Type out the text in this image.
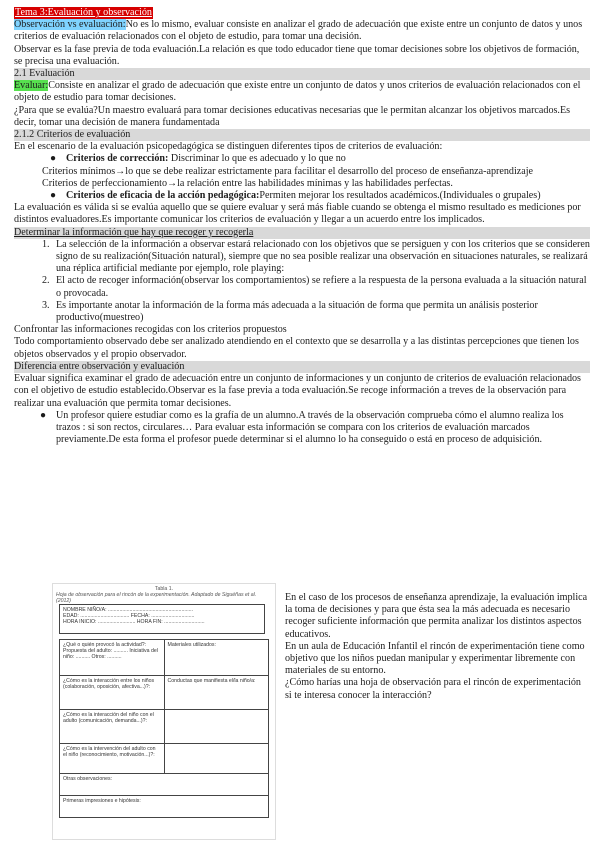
Tema 3:Evaluación y observación

Observación vs evaluación:No es lo mismo, evaluar consiste en analizar el grado de adecuación que existe entre un conjunto de datos y unos criterios de evaluación relacionados con el objeto de estudio, para tomar una decisión.

Observar es la fase previa de toda evaluación.La relación es que todo educador tiene que tomar decisiones sobre los objetivos de formación, se precisa una evaluación.

2.1 Evaluación

Evaluar:Consiste en analizar el grado de adecuación que existe entre un conjunto de datos y unos criterios de evaluación relacionados con el objeto de estudio para tomar decisiones.

¿Para que se evalúa?Un maestro evaluará para tomar decisiones educativas necesarias que le permitan alcanzar los objetivos marcados.Es decir, tomar una decisión de manera fundamentada

2.1.2 Criterios de evaluación

En el escenario de la evaluación psicopedagógica se distinguen diferentes tipos de criterios de evaluación:

● Criterios de corrección: Discriminar lo que es adecuado y lo que no

Criterios mínimos→lo que se debe realizar estrictamente para facilitar el desarrollo del proceso de enseñanza-aprendizaje

Criterios de perfeccionamiento→la relación entre las habilidades mínimas y las habilidades perfectas.

● Criterios de eficacia de la acción pedagógica:Permiten mejorar los resultados académicos.(Individuales o grupales)

La evaluación es válida si se evalúa aquello que se quiere evaluar y será más fiable cuando se obtenga el mismo resultado es mediciones por distintos evaluadores.Es importante comunicar los criterios de evaluación y llegar a un acuerdo entre los implicados.

Determinar la información que hay que recoger y recogerla

1. La selección de la información a observar estará relacionado con los objetivos que se persiguen y con los criterios que se consideren signo de su realización(Situación natural), siempre que no sea posible realizar una observación en situaciones naturales, se realizará una réplica artificial mediante por ejemplo, role playing:

2. El acto de recoger información(observar los comportamientos) se refiere a la respuesta de la persona evaluada a la situación natural o provocada.

3. Es importante anotar la información de la forma más adecuada a la situación de forma que permita un análisis posterior productivo(muestreo)

Confrontar las informaciones recogidas con los criterios propuestos

Todo comportamiento observado debe ser analizado atendiendo en el contexto que se desarrolla y a las distintas percepciones que tienen los objetos observados y el propio observador.

Diferencia entre observación y evaluación

Evaluar significa examinar el grado de adecuación entre un conjunto de informaciones y un conjunto de criterios de evaluación relacionados con el objetivo de estudio establecido.Observar es la fase previa a toda evaluación.Se recoge información a treves de la observación para realizar una evaluación que permita tomar decisiones.

● Un profesor quiere estudiar como es la grafía de un alumno.A través de la observación comprueba cómo el alumno realiza los trazos : si son rectos, circulares… Para evaluar esta información se compara con los criterios de evaluación marcados previamente.De esta forma el profesor puede determinar si el alumno lo ha conseguido o está en proceso de adquisición.

Tabla 1.
Hoja de observación para el rincón de la experimentación. Adaptado de Siguéñas et al. (2012)
NOMBRE NIÑO/A: ...........................................................
EDAD: .................................. FECHA: ..............................
HORA INICIO: .......................... HORA FIN: ............................
¿Qué o quién provocó la actividad?: Propuesta del adulto: .......... Iniciativa del niño: .......... Otros: ..........	Materiales utilizados:
¿Cómo es la interacción entre los niños (colaboración, oposición, afectiva...)?:	Conductas que manifiesta el/la niño/a:
¿Cómo es la interacción del niño con el adulto (comunicación, demanda...)?:	
¿Cómo es la intervención del adulto con el niño (reconocimiento, motivación...)?:	
Otras observaciones:	
Primeras impresiones e hipótesis:	

En el caso de los procesos de enseñanza aprendizaje, la evaluación implica la toma de decisiones y para que ésta sea la más adecuada es necesario recoger suficiente información que permita analizar los distintos aspectos educativos.

En un aula de Educación Infantil el rincón de experimentación tiene como objetivo que los niños puedan manipular y experimentar libremente con materiales de su entorno.

¿Cómo harías una hoja de observación para el rincón de experimentación si te interesa conocer la interacción?
